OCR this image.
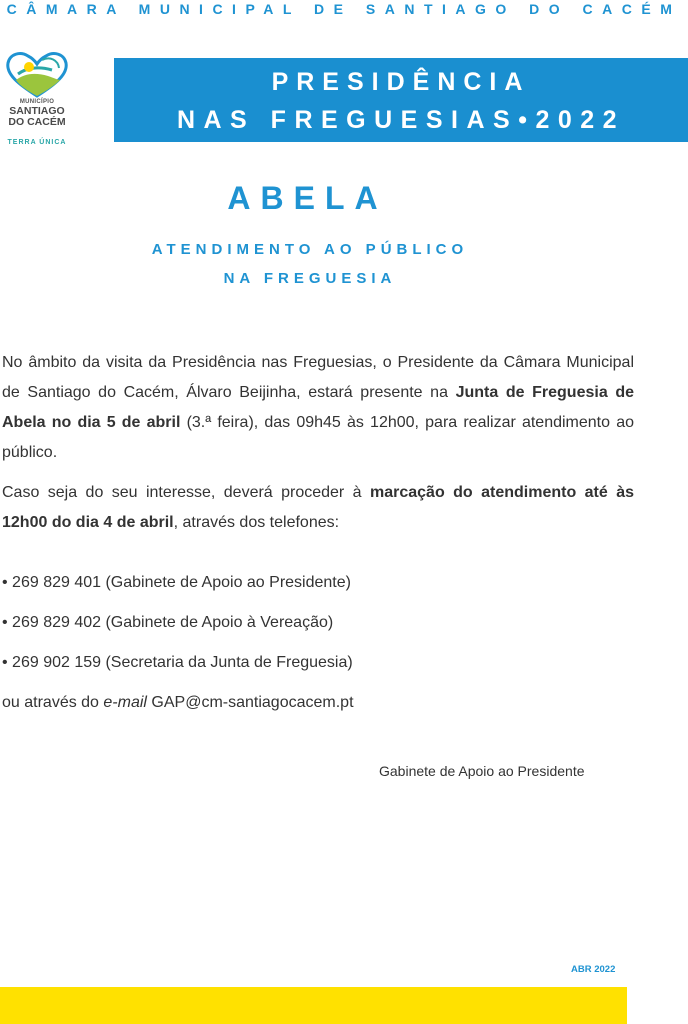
CÂMARA MUNICIPAL DE SANTIAGO DO CACÉM
MUNICÍPIO
SANTIAGO
DO CACÉM
TERRA ÚNICA
PRESIDÊNCIA
NAS FREGUESIAS•2022
ABELA
ATENDIMENTO AO PÚBLICO
NA FREGUESIA
No âmbito da visita da Presidência nas Freguesias, o Presidente da Câmara Municipal de Santiago do Cacém, Álvaro Beijinha, estará presente na Junta de Freguesia de Abela no dia 5 de abril (3.ª feira), das 09h45 às 12h00, para realizar atendimento ao público.
Caso seja do seu interesse, deverá proceder à marcação do atendimento até às 12h00 do dia 4 de abril, através dos telefones:
• 269 829 401 (Gabinete de Apoio ao Presidente)
• 269 829 402 (Gabinete de Apoio à Vereação)
• 269 902 159 (Secretaria da Junta de Freguesia)
ou através do e-mail GAP@cm-santiagocacem.pt
Gabinete de Apoio ao Presidente
ABR 2022
